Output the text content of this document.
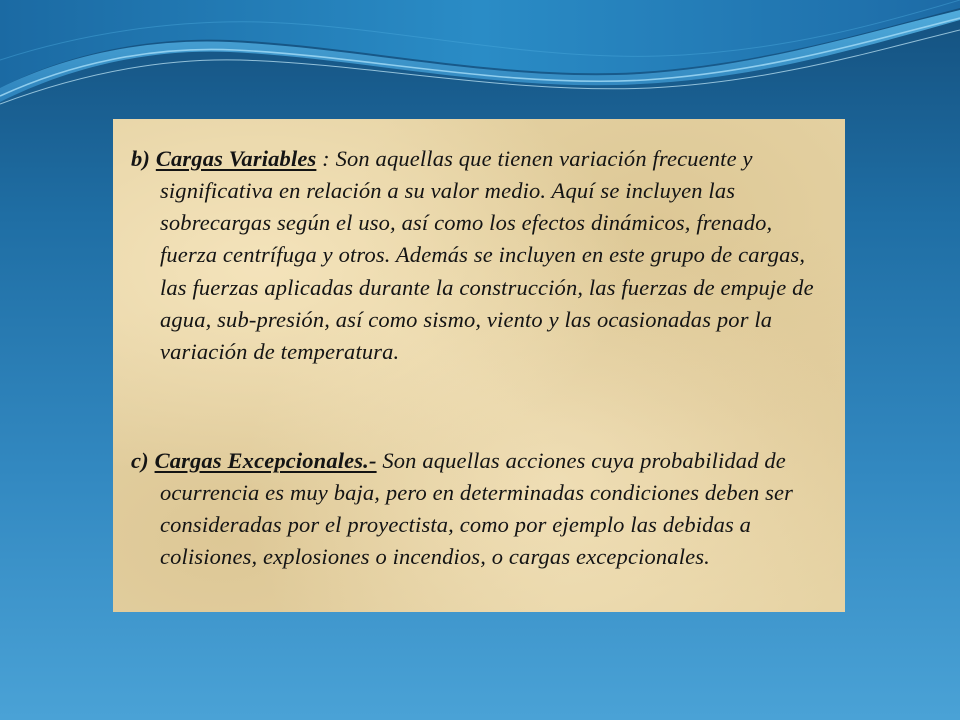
b) Cargas Variables : Son aquellas que tienen variación frecuente y significativa en relación a su valor medio. Aquí se incluyen las sobrecargas según el uso, así como los efectos dinámicos, frenado, fuerza centrífuga y otros. Además se incluyen en este grupo de cargas, las fuerzas aplicadas durante la construcción, las fuerzas de empuje de agua, sub-presión, así como sismo, viento y las ocasionadas por la variación de temperatura.

c) Cargas Excepcionales.- Son aquellas acciones cuya probabilidad de ocurrencia es muy baja, pero en determinadas condiciones deben ser consideradas por el proyectista, como por ejemplo las debidas a colisiones, explosiones o incendios, o cargas excepcionales.
